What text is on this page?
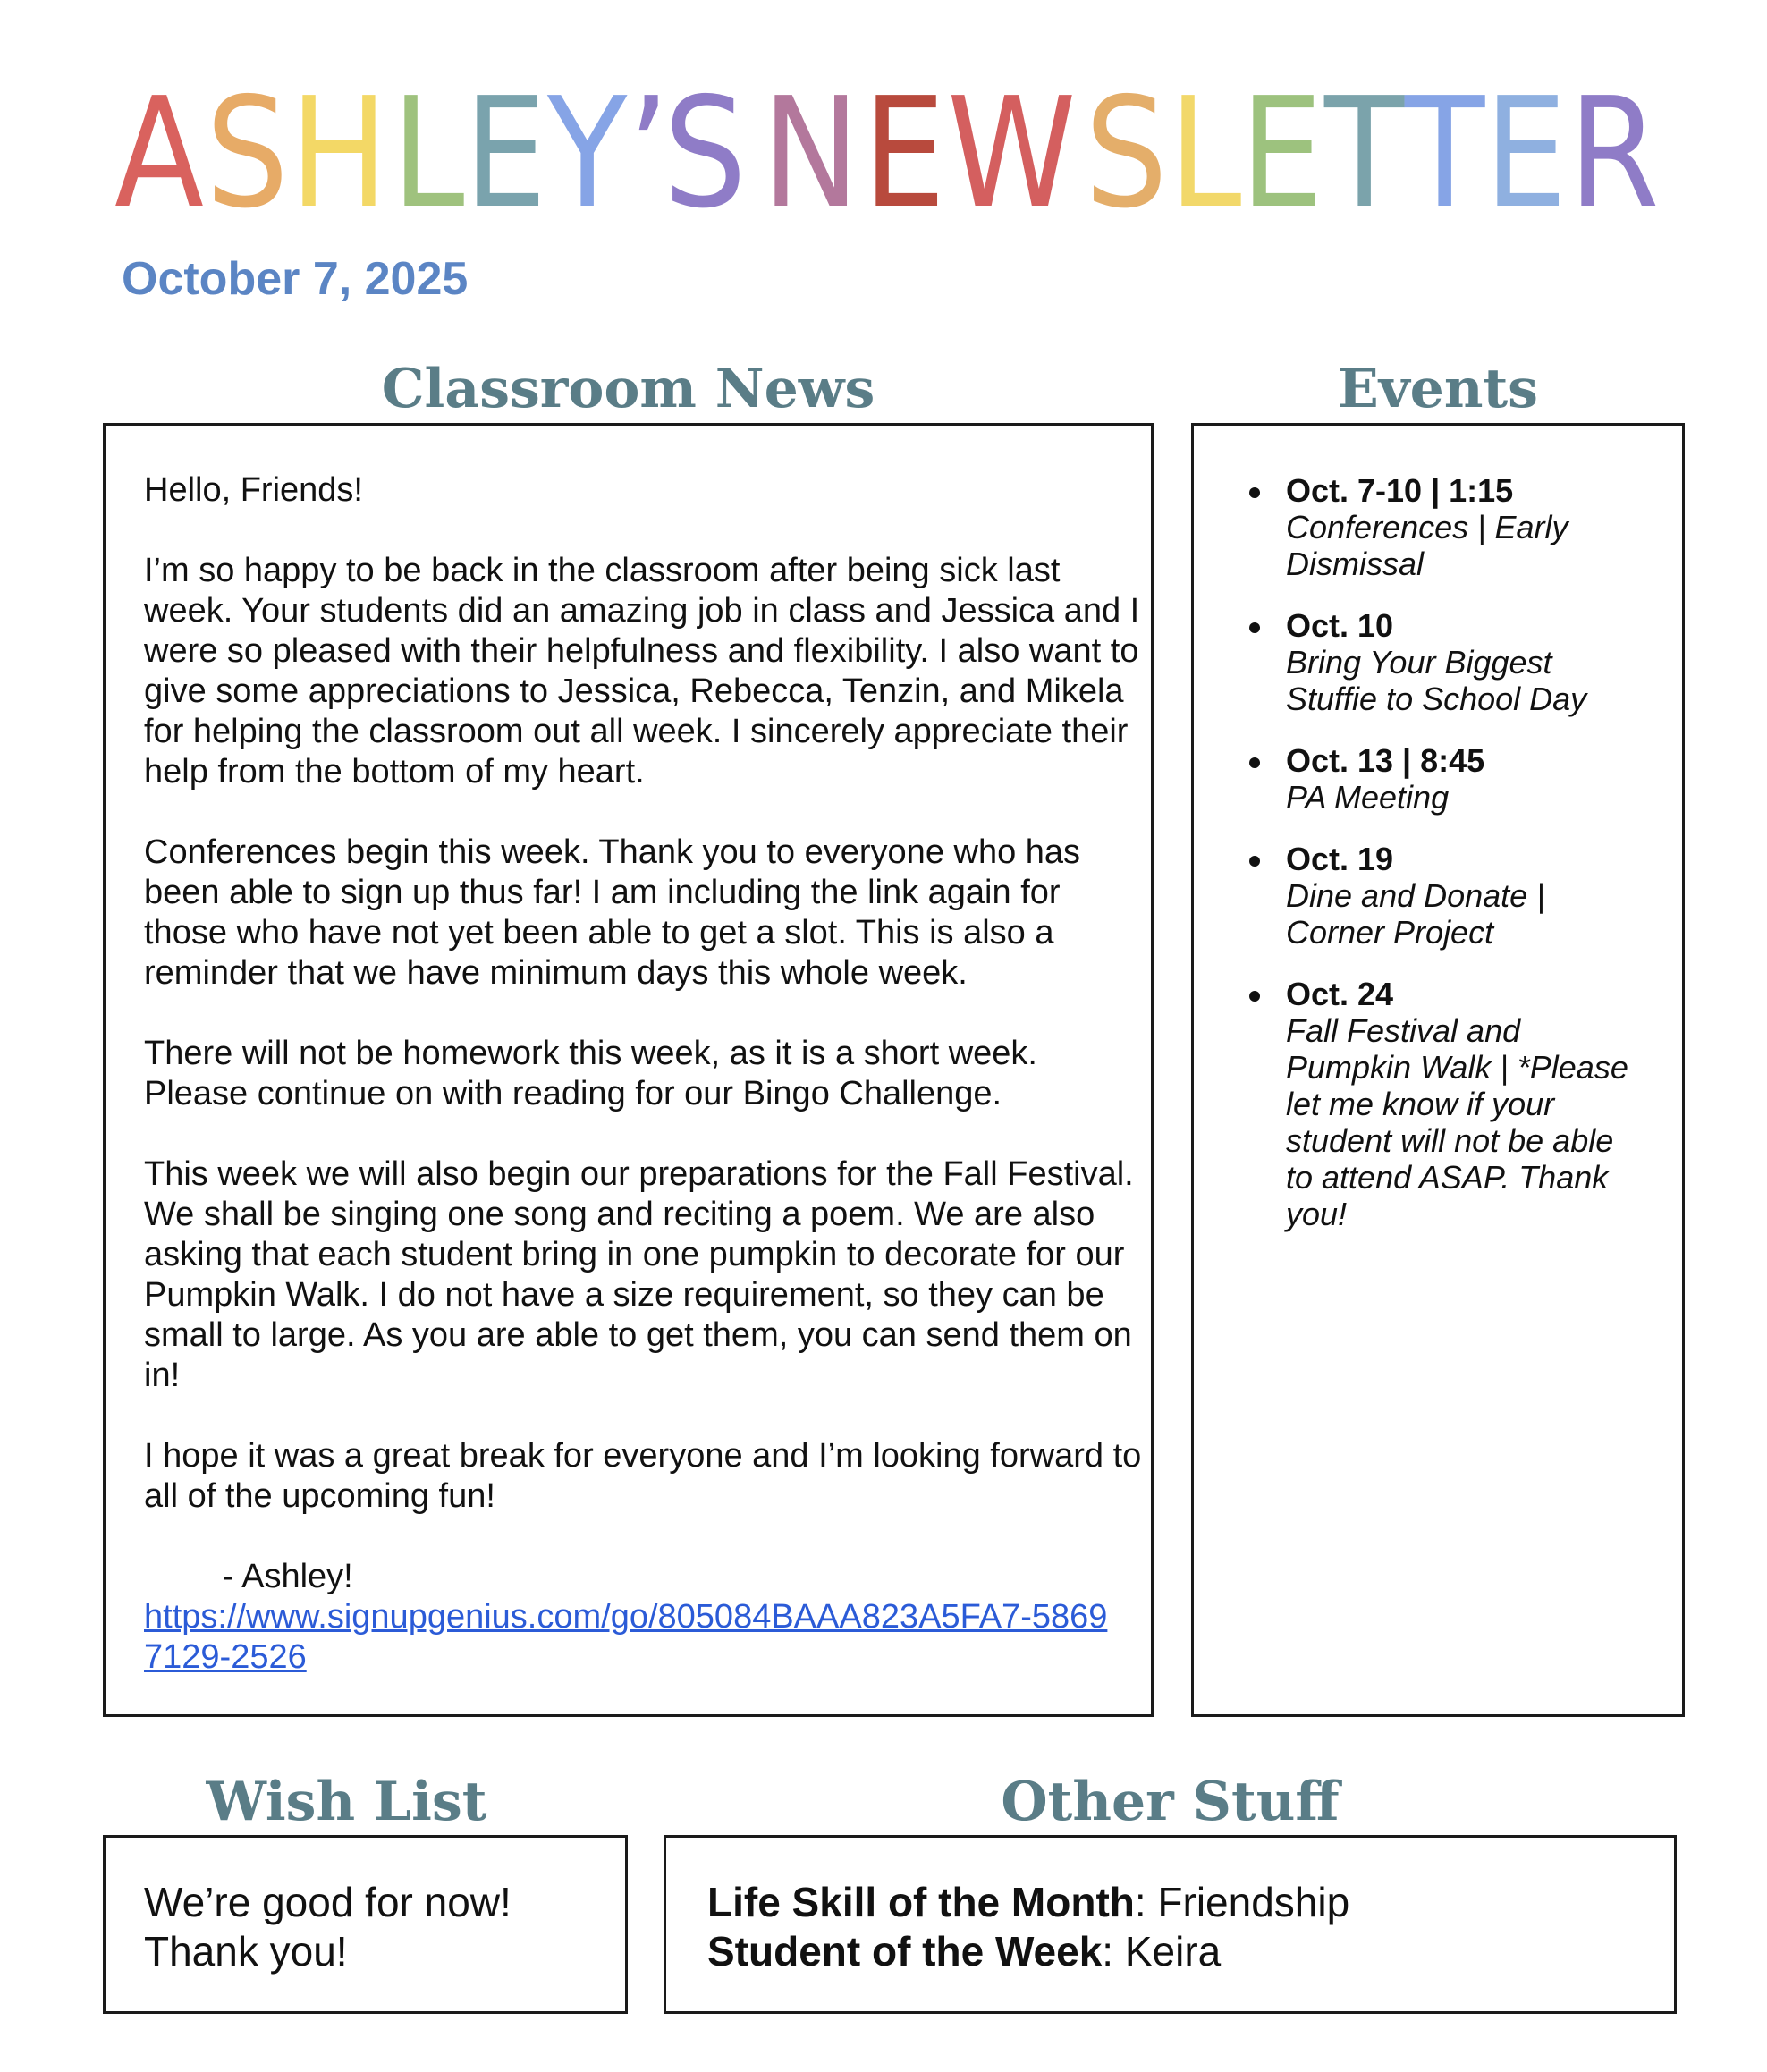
A S H L
E Y
’
S N E W S L
E T
T
E R
October 7, 2025
Classroom News

Hello, Friends!

I’m so happy to be back in the classroom after being sick last week. Your students did an amazing job in class and Jessica and I were so pleased with their helpfulness and flexibility. I also want to give some appreciations to Jessica, Rebecca, Tenzin, and Mikela for helping the classroom out all week. I sincerely appreciate their help from the bottom of my heart.

Conferences begin this week. Thank you to everyone who has been able to sign up thus far! I am including the link again for those who have not yet been able to get a slot. This is also a reminder that we have minimum days this whole week.

There will not be homework this week, as it is a short week. Please continue on with reading for our Bingo Challenge.

This week we will also begin our preparations for the Fall Festival. We shall be singing one song and reciting a poem. We are also asking that each student bring in one pumpkin to decorate for our Pumpkin Walk. I do not have a size requirement, so they can be small to large. As you are able to get them, you can send them on in!

I hope it was a great break for everyone and I’m looking forward to all of the upcoming fun!

- Ashley!

https://www.signupgenius.com/go/805084BAAA823A5FA7-58697129-2526
Events
Oct. 7-10 | 1:15
Conferences | Early Dismissal
Oct. 10
Bring Your Biggest Stuffie to School Day
Oct. 13 | 8:45
PA Meeting
Oct. 19
Dine and Donate | Corner Project
Oct. 24
Fall Festival and Pumpkin Walk | *Please let me know if your student will not be able to attend ASAP. Thank you!
Wish List
We’re good for now!
Thank you!
Other Stuff
Life Skill of the Month: Friendship
Student of the Week: Keira
